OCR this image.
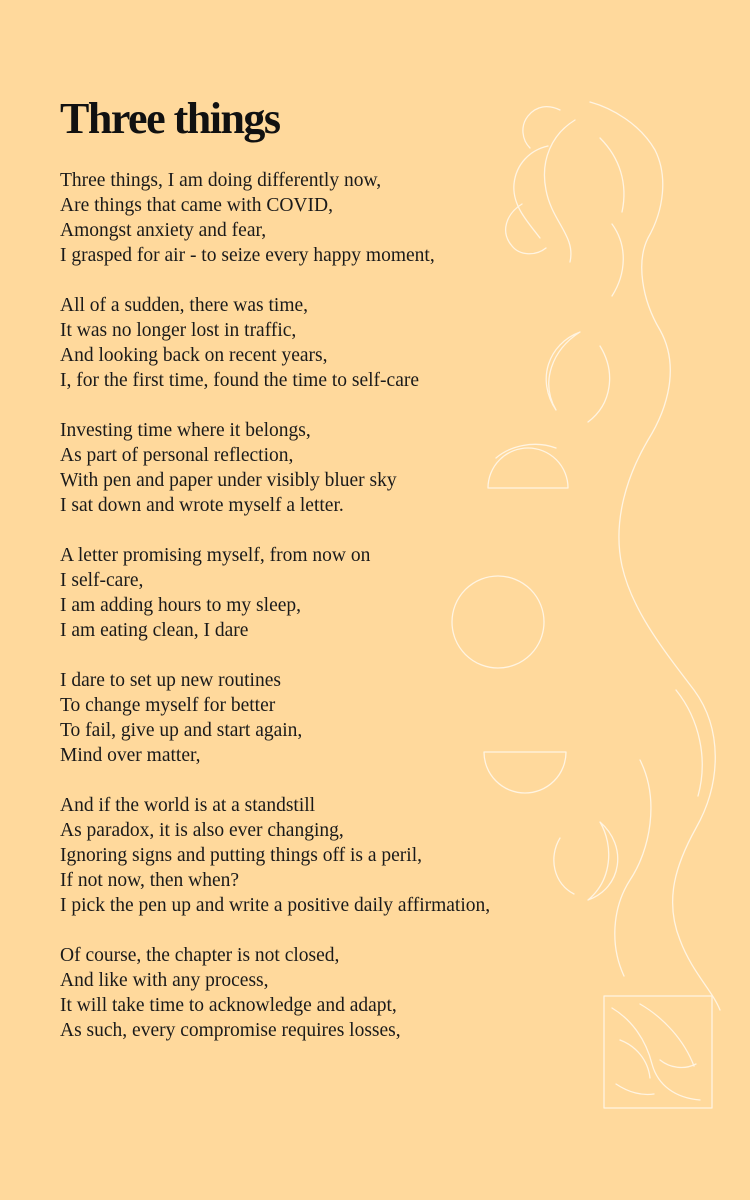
Three things

Three things, I am doing differently now,
Are things that came with COVID,
Amongst anxiety and fear,
I grasped for air - to seize every happy moment,

All of a sudden, there was time,
It was no longer lost in traffic,
And looking back on recent years,
I, for the first time, found the time to self-care

Investing time where it belongs,
As part of personal reflection,
With pen and paper under visibly bluer sky
I sat down and wrote myself a letter.

A letter promising myself, from now on
I self-care,
I am adding hours to my sleep,
I am eating clean, I dare

I dare to set up new routines
To change myself for better
To fail, give up and start again,
Mind over matter,

And if the world is at a standstill
As paradox, it is also ever changing,
Ignoring signs and putting things off is a peril,
If not now, then when?
I pick the pen up and write a positive daily affirmation,

Of course, the chapter is not closed,
And like with any process,
It will take time to acknowledge and adapt,
As such, every compromise requires losses,
